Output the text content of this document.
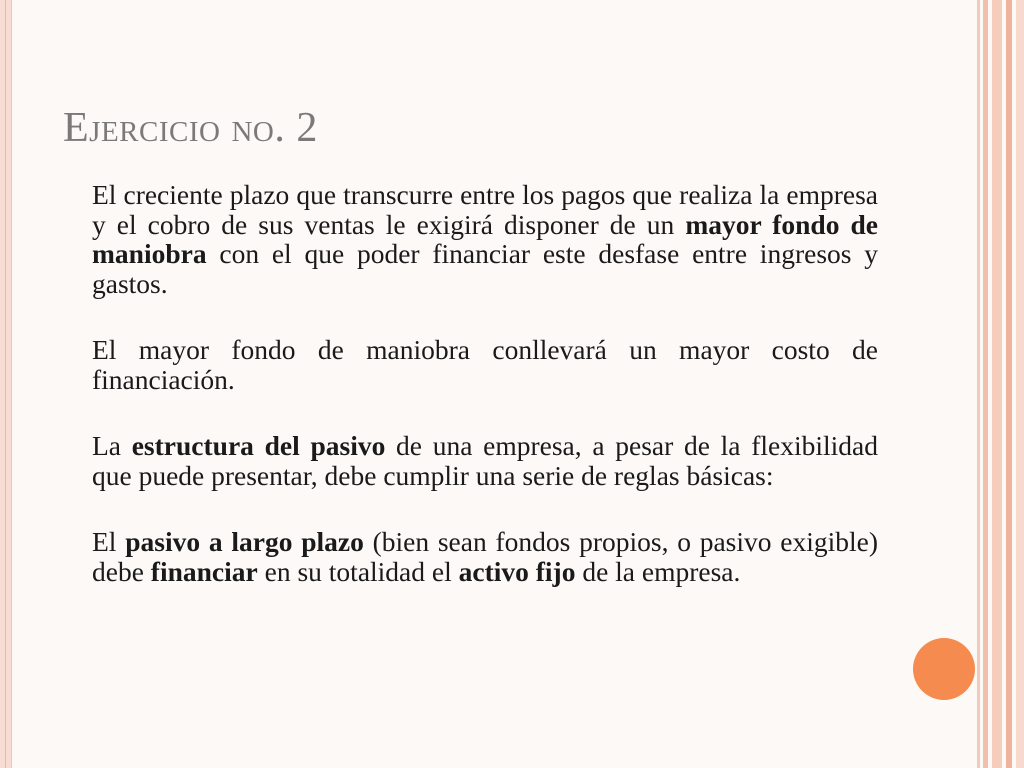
Ejercicio no. 2

El creciente plazo que transcurre entre los pagos que realiza la empresa y el cobro de sus ventas le exigirá disponer de un mayor fondo de maniobra con el que poder financiar este desfase entre ingresos y gastos.

El mayor fondo de maniobra conllevará un mayor costo de financiación.

La estructura del pasivo de una empresa, a pesar de la flexibilidad que puede presentar, debe cumplir una serie de reglas básicas:

El pasivo a largo plazo (bien sean fondos propios, o pasivo exigible) debe financiar en su totalidad el activo fijo de la empresa.
